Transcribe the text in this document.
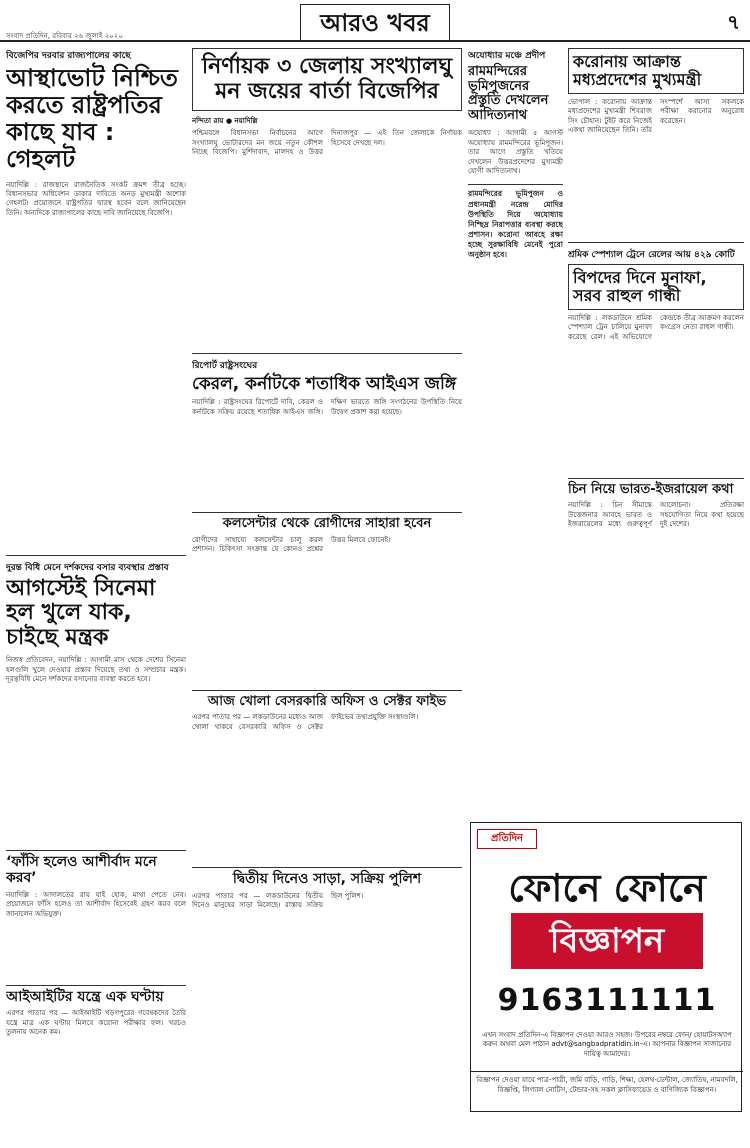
সংবাদ প্রতিদিন, রবিবার ২৬ জুলাই ২০২০	আরও খবর	৭
বিজেপির দরবার রাজ্যপালের কাছে
আস্থাভোট নিশ্চিত করতে রাষ্ট্রপতির কাছে যাব : গেহলট
নয়াদিল্লি : রাজস্থানে রাজনৈতিক সংকট ক্রমশ তীব্র হচ্ছে। বিধানসভার অধিবেশন ডাকার দাবিতে অনড় মুখ্যমন্ত্রী অশোক গেহলট। প্রয়োজনে রাষ্ট্রপতির দ্বারস্থ হবেন বলে জানিয়েছেন তিনি। অন্যদিকে রাজ্যপালের কাছে দাবি জানিয়েছে বিজেপি।
দুরন্ত বিধি মেনে দর্শকদের বসার ব্যবস্থার প্রস্তাব
আগস্টেই সিনেমা হল খুলে যাক, চাইছে মন্ত্রক
নিজস্ব প্রতিবেদন, নয়াদিল্লি : আগামী মাস থেকে দেশের সিনেমা হলগুলি খুলে দেওয়ার প্রস্তাব দিয়েছে তথ্য ও সম্প্রচার মন্ত্রক। দূরত্ববিধি মেনে দর্শকদের বসানোর ব্যবস্থা করতে হবে।
‘ফাঁসি হলেও আশীর্বাদ মনে করব’
নয়াদিল্লি : আদালতের রায় যাই হোক, মাথা পেতে নেব। প্রয়োজনে ফাঁসি হলেও তা আশীর্বাদ হিসেবেই গ্রহণ করব বলে জানালেন অভিযুক্ত।
আইআইটির যন্ত্রে এক ঘণ্টায়
এরপর পাতার পর — আইআইটি খড়গপুরের গবেষকদের তৈরি যন্ত্রে মাত্র এক ঘণ্টায় মিলবে করোনা পরীক্ষার ফল। খরচও তুলনায় অনেক কম।
নির্ণায়ক ৩ জেলায় সংখ্যালঘু মন জয়ের বার্তা বিজেপির
নন্দিতা রায় ● নয়াদিল্লি
পশ্চিমবঙ্গে বিধানসভা নির্বাচনের আগে সংখ্যালঘু ভোটারদের মন জয়ে নতুন কৌশল নিচ্ছে বিজেপি। মুর্শিদাবাদ, মালদহ ও উত্তর দিনাজপুর — এই তিন জেলাকে নির্ণায়ক হিসেবে দেখছে দল।
রিপোর্ট রাষ্ট্রসংঘের
কেরল, কর্নাটকে শতাধিক আইএস জঙ্গি
নয়াদিল্লি : রাষ্ট্রসংঘের রিপোর্টে দাবি, কেরল ও কর্নাটকে সক্রিয় রয়েছে শতাধিক আইএস জঙ্গি। দক্ষিণ ভারতে জঙ্গি সংগঠনের উপস্থিতি নিয়ে উদ্বেগ প্রকাশ করা হয়েছে।
কলসেন্টার থেকে রোগীদের সাহারা হবেন
রোগীদের সাহায্যে কলসেন্টার চালু করল প্রশাসন। চিকিৎসা সংক্রান্ত যে কোনও প্রশ্নের উত্তর মিলবে ফোনেই।
আজ খোলা বেসরকারি অফিস ও সেক্টর ফাইভ
এরপর পাতার পর — লকডাউনের মধ্যেও আজ খোলা থাকবে বেসরকারি অফিস ও সেক্টর ফাইভের তথ্যপ্রযুক্তি সংস্থাগুলি।
দ্বিতীয় দিনেও সাড়া, সক্রিয় পুলিশ
এরপর পাতার পর — লকডাউনের দ্বিতীয় দিনেও মানুষের সাড়া মিলেছে। রাস্তায় সক্রিয় ছিল পুলিশ।
অযোধ্যার মঞ্চে প্রদীপ
রামমন্দিরের ভূমিপুজনের প্রস্তুতি দেখলেন আদিত্যনাথ
অযোধ্যা : আগামী ৫ আগস্ট অযোধ্যায় রামমন্দিরের ভূমিপুজন। তার আগে প্রস্তুতি খতিয়ে দেখলেন উত্তরপ্রদেশের মুখ্যমন্ত্রী যোগী আদিত্যনাথ।
রামমন্দিরের ভূমিপুজন ও প্রধানমন্ত্রী নরেন্দ্র মোদির উপস্থিতি দিয়ে অযোধ্যায় নিশ্ছিদ্র নিরাপত্তার ব্যবস্থা করছে প্রশাসন। করোনা আবহে রক্ষা হচ্ছে সুরক্ষাবিধি মেনেই পুরো অনুষ্ঠান হবে।
করোনায় আক্রান্ত মধ্যপ্রদেশের মুখ্যমন্ত্রী
ভোপাল : করোনায় আক্রান্ত মধ্যপ্রদেশের মুখ্যমন্ত্রী শিবরাজ সিং চৌহান। টুইট করে নিজেই একথা জানিয়েছেন তিনি। তাঁর সংস্পর্শে আসা সকলকে পরীক্ষা করানোর অনুরোধ করেছেন।
শ্রমিক স্পেশ্যাল ট্রেনে রেলের আয় ৪২৯ কোটি
বিপদের দিনে মুনাফা, সরব রাহুল গান্ধী
নয়াদিল্লি : লকডাউনে শ্রমিক স্পেশ্যাল ট্রেন চালিয়ে মুনাফা করেছে রেল। এই অভিযোগে কেন্দ্রকে তীব্র আক্রমণ করলেন কংগ্রেস নেতা রাহুল গান্ধী।
চিন নিয়ে ভারত-ইজরায়েল কথা
নয়াদিল্লি : চিন সীমান্তে উত্তেজনার আবহে ভারত ও ইজরায়েলের মধ্যে গুরুত্বপূর্ণ আলোচনা। প্রতিরক্ষা সহযোগিতা নিয়ে কথা হয়েছে দুই দেশের।
প্রতিদিন
ফোনে ফোনে
বিজ্ঞাপন
9163111111
এখন সংবাদ প্রতিদিন-এ বিজ্ঞাপন দেওয়া আরও সহজ। উপরের নম্বরে ফোন/ হোয়াটসঅ্যাপ করুন অথবা মেল পাঠান advt@sangbadpratidin.in-এ। আপনার বিজ্ঞাপন সাজানোর দায়িত্ব আমাদের।
বিজ্ঞাপন দেওয়া যাবে পাত্র-পাত্রী, জমি বাড়ি, গাড়ি, শিক্ষা, হেলথ-ডেন্টাল, জ্যোতিষ, নামবদলি, বিজ্ঞপ্তি, লিগ্যাল নোটিস, টেন্ডার-সহ সকল ক্লাসিফায়েড ও বাণিজ্যিক বিজ্ঞাপন।
